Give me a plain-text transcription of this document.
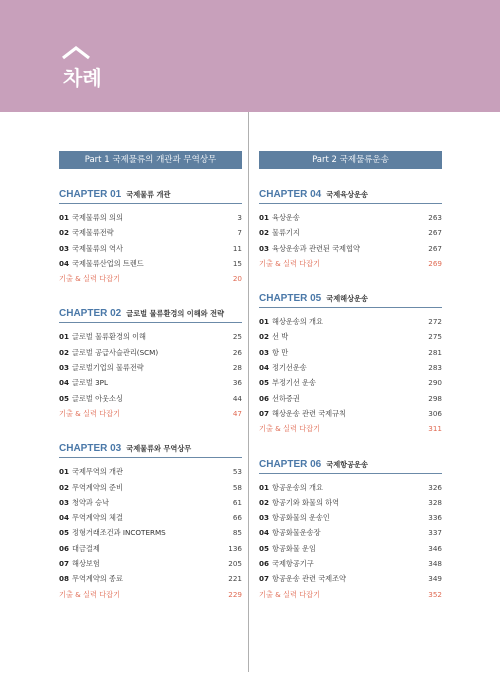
차례
Part 1 국제물류의 개관과 무역상무
CHAPTER 01 국제물류 개관
01 국제물류의 의의	3
02 국제물류전략	7
03 국제물류의 역사	11
04 국제물류산업의 트렌드	15
기출 & 실력 다잡기	20
CHAPTER 02 글로벌 물류환경의 이해와 전략
01 글로벌 물류환경의 이해	25
02 글로벌 공급사슬관리(SCM)	26
03 글로벌기업의 물류전략	28
04 글로벌 3PL	36
05 글로벌 아웃소싱	44
기출 & 실력 다잡기	47
CHAPTER 03 국제물류와 무역상무
01 국제무역의 개관	53
02 무역계약의 준비	58
03 청약과 승낙	61
04 무역계약의 체결	66
05 정형거래조건과 INCOTERMS	85
06 대금결제	136
07 해상보험	205
08 무역계약의 종료	221
기출 & 실력 다잡기	229
Part 2 국제물류운송
CHAPTER 04 국제육상운송
01 육상운송	263
02 물류기지	267
03 육상운송과 관련된 국제협약	267
기출 & 실력 다잡기	269
CHAPTER 05 국제해상운송
01 해상운송의 개요	272
02 선 박	275
03 항 만	281
04 정기선운송	283
05 부정기선 운송	290
06 선하증권	298
07 해상운송 관련 국제규칙	306
기출 & 실력 다잡기	311
CHAPTER 06 국제항공운송
01 항공운송의 개요	326
02 항공기와 화물의 하역	328
03 항공화물의 운송인	336
04 항공화물운송장	337
05 항공화물 운임	346
06 국제항공기구	348
07 항공운송 관련 국제조약	349
기출 & 실력 다잡기	352
